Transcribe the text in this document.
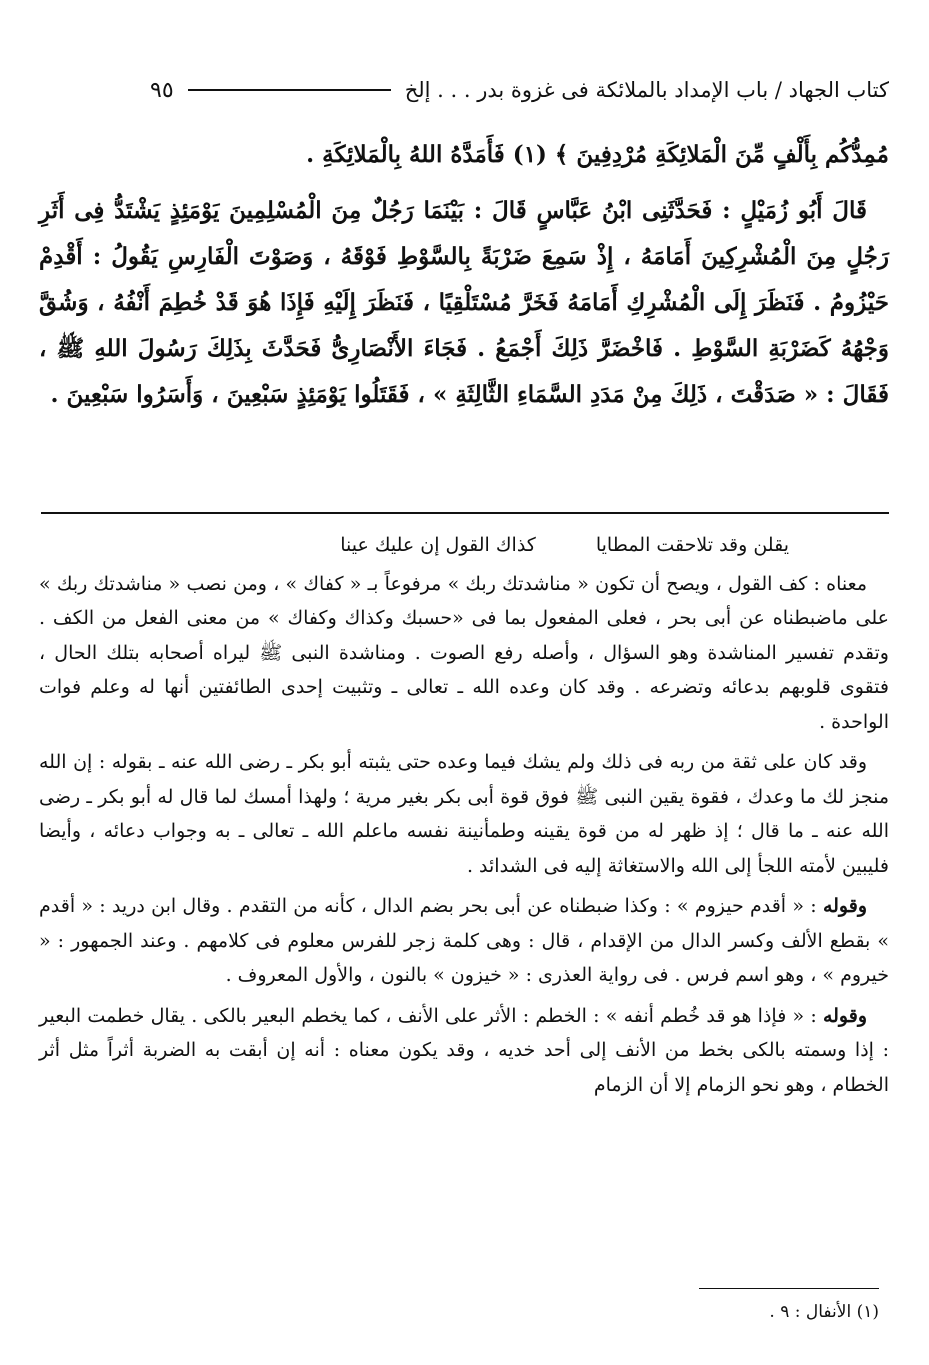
كتاب الجهاد / باب الإمداد بالملائكة فى غزوة بدر . . . إلخ
٩٥

مُمِدُّكُم بِأَلْفٍ مِّنَ الْمَلائِكَةِ مُرْدِفِينَ ﴾ (١) فَأَمَدَّهُ اللهُ بِالْمَلائِكَةِ .

قَالَ أَبُو زُمَيْلٍ : فَحَدَّثَنِى ابْنُ عَبَّاسٍ قَالَ : بَيْنَمَا رَجُلٌ مِنَ الْمُسْلِمِينَ يَوْمَئِذٍ يَشْتَدُّ فِى أَثَرِ رَجُلٍ مِنَ الْمُشْرِكِينَ أَمَامَهُ ، إِذْ سَمِعَ ضَرْبَةً بِالسَّوْطِ فَوْقَهُ ، وَصَوْتَ الْفَارِسِ يَقُولُ : أَقْدِمْ حَيْزُومُ . فَنَظَرَ إِلَى الْمُشْرِكِ أَمَامَهُ فَخَرَّ مُسْتَلْقِيًا ، فَنَظَرَ إِلَيْهِ فَإِذَا هُوَ قَدْ خُطِمَ أَنْفُهُ ، وَشُقَّ وَجْهُهُ كَضَرْبَةِ السَّوْطِ . فَاخْضَرَّ ذَلِكَ أَجْمَعُ . فَجَاءَ الأَنْصَارِىُّ فَحَدَّثَ بِذَلِكَ رَسُولَ اللهِ ﷺ ، فَقَالَ : « صَدَقْتَ ، ذَلِكَ مِنْ مَدَدِ السَّمَاءِ الثَّالِثَةِ » ، فَقَتَلُوا يَوْمَئِذٍ سَبْعِينَ ، وَأَسَرُوا سَبْعِينَ .

يقلن وقد تلاحقت المطايا
كذاك القول إن عليك عينا

معناه : كف القول ، ويصح أن تكون « مناشدتك ربك » مرفوعاً بـ « كفاك » ، ومن نصب « مناشدتك ربك » على ماضبطناه عن أبى بحر ، فعلى المفعول بما فى «حسبك وكذاك وكفاك » من معنى الفعل من الكف . وتقدم تفسير المناشدة وهو السؤال ، وأصله رفع الصوت . ومناشدة النبى ﷺ ليراه أصحابه بتلك الحال ، فتقوى قلوبهم بدعائه وتضرعه . وقد كان وعده الله ـ تعالى ـ وتثبيت إحدى الطائفتين أنها له وعلم فوات الواحدة .

وقد كان على ثقة من ربه فى ذلك ولم يشك فيما وعده حتى يثبته أبو بكر ـ رضى الله عنه ـ بقوله : إن الله منجز لك ما وعدك ، فقوة يقين النبى ﷺ فوق قوة أبى بكر بغير مرية ؛ ولهذا أمسك لما قال له أبو بكر ـ رضى الله عنه ـ ما قال ؛ إذ ظهر له من قوة يقينه وطمأنينة نفسه ماعلم الله ـ تعالى ـ به وجواب دعائه ، وأيضا فليبين لأمته اللجأ إلى الله والاستغاثة إليه فى الشدائد .

وقوله : « أقدم حيزوم » : وكذا ضبطناه عن أبى بحر بضم الدال ، كأنه من التقدم . وقال ابن دريد : « أقدم » بقطع الألف وكسر الدال من الإقدام ، قال : وهى كلمة زجر للفرس معلوم فى كلامهم . وعند الجمهور : « خيروم » ، وهو اسم فرس . فى رواية العذرى : « خيزون » بالنون ، والأول المعروف .

وقوله : « فإذا هو قد خُطم أنفه » : الخطم : الأثر على الأنف ، كما يخطم البعير بالكى . يقال خطمت البعير : إذا وسمته بالكى بخط من الأنف إلى أحد خديه ، وقد يكون معناه : أنه إن أبقت به الضربة أثراً مثل أثر الخطام ، وهو نحو الزمام إلا أن الزمام

(١) الأنفال : ٩ .
